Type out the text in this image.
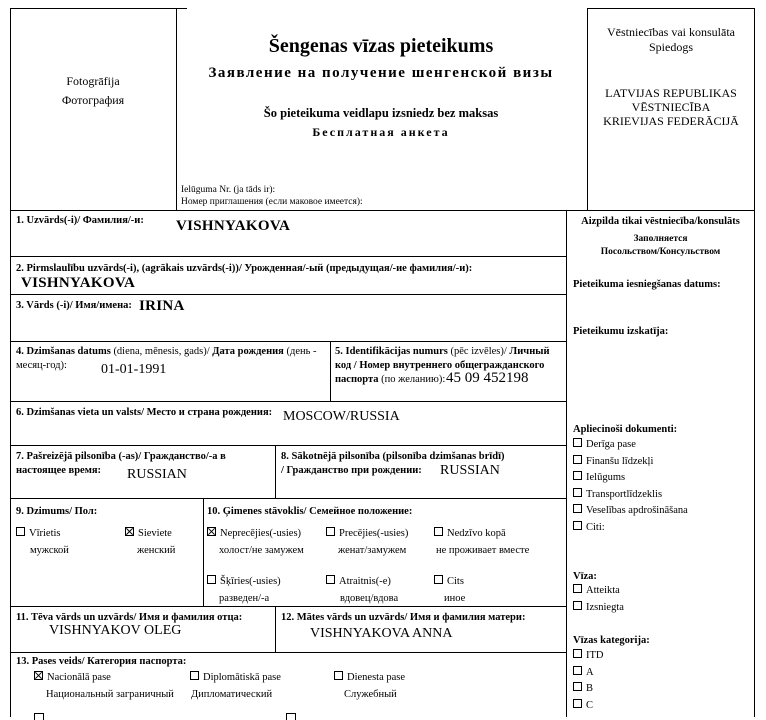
Fotogrāfija
Фотография
Šengenas vīzas pieteikums
Заявление на получение шенгенской визы
Šo pieteikuma veidlapu izsniedz bez maksas
Бесплатная анкета
Ielūguma Nr. (ja tāds ir):
Номер приглашения (если маковое имеется):
Vēstniecības vai konsulāta
Spiedogs
LATVIJAS REPUBLIKAS
VĒSTNIECĪBA
KRIEVIJAS FEDERĀCIJĀ
1. Uzvārds(-i)/ Фамилия/-и: VISHNYAKOVA
2. Pirmslaulību uzvārds(-i), (agrākais uzvārds(-i))/ Урожденная/-ый (предыдущая/-ие фамилия/-и):
VISHNYAKOVA
3. Vārds (-i)/ Имя/имена: IRINA
4. Dzimšanas datums (diena, mēnesis, gads)/ Дата рождения (день -
месяц-год):	01-01-1991
5. Identifikācijas numurs (pēc izvēles)/ Личный
код / Номер внутреннего общегражданского
паспорта (по желанию): 45 09 452198
6. Dzimšanas vieta un valsts/ Место и страна рождения: MOSCOW/RUSSIA
7. Pašreizējā pilsonība (-as)/ Гражданство/-а в
настоящее время:	RUSSIAN
8. Sākotnējā pilsonība (pilsonība dzimšanas brīdī)
/ Гражданство при рождении:	RUSSIAN
9. Dzimums/ Пол:
Vīrietis
мужской
Sieviete
женский
10. Ģimenes stāvoklis/ Семейное положение:
Neprecējies(-usies)
холост/не замужем
Precējies(-usies)
женат/замужем
Nedzīvo kopā
не проживает вместе
Šķīries(-usies)
разведен/-а
Atraitnis(-e)
вдовец/вдова
Cits
иное
11. Tēva vārds un uzvārds/ Имя и фамилия отца:
VISHNYAKOV OLEG
12. Mātes vārds un uzvārds/ Имя и фамилия матери:
VISHNYAKOVA ANNA
13. Pases veids/ Категория паспорта:
Nacionālā pase
Национальный заграничный
Diplomātiskā pase
Дипломатический
Dienesta pase
Служебный
Aizpilda tikai vēstniecība/konsulāts
Заполняется
Посольством/Консульством
Pieteikuma iesniegšanas datums:
Pieteikumu izskatīja:
Apliecinoši dokumenti:
Derīga pase
Finanšu līdzekļi
Ielūgums
Transportlīdzeklis
Veselības apdrošināšana
Citi:
Vīza:
Atteikta
Izsniegta
Vīzas kategorija:
ITD
A
B
C
